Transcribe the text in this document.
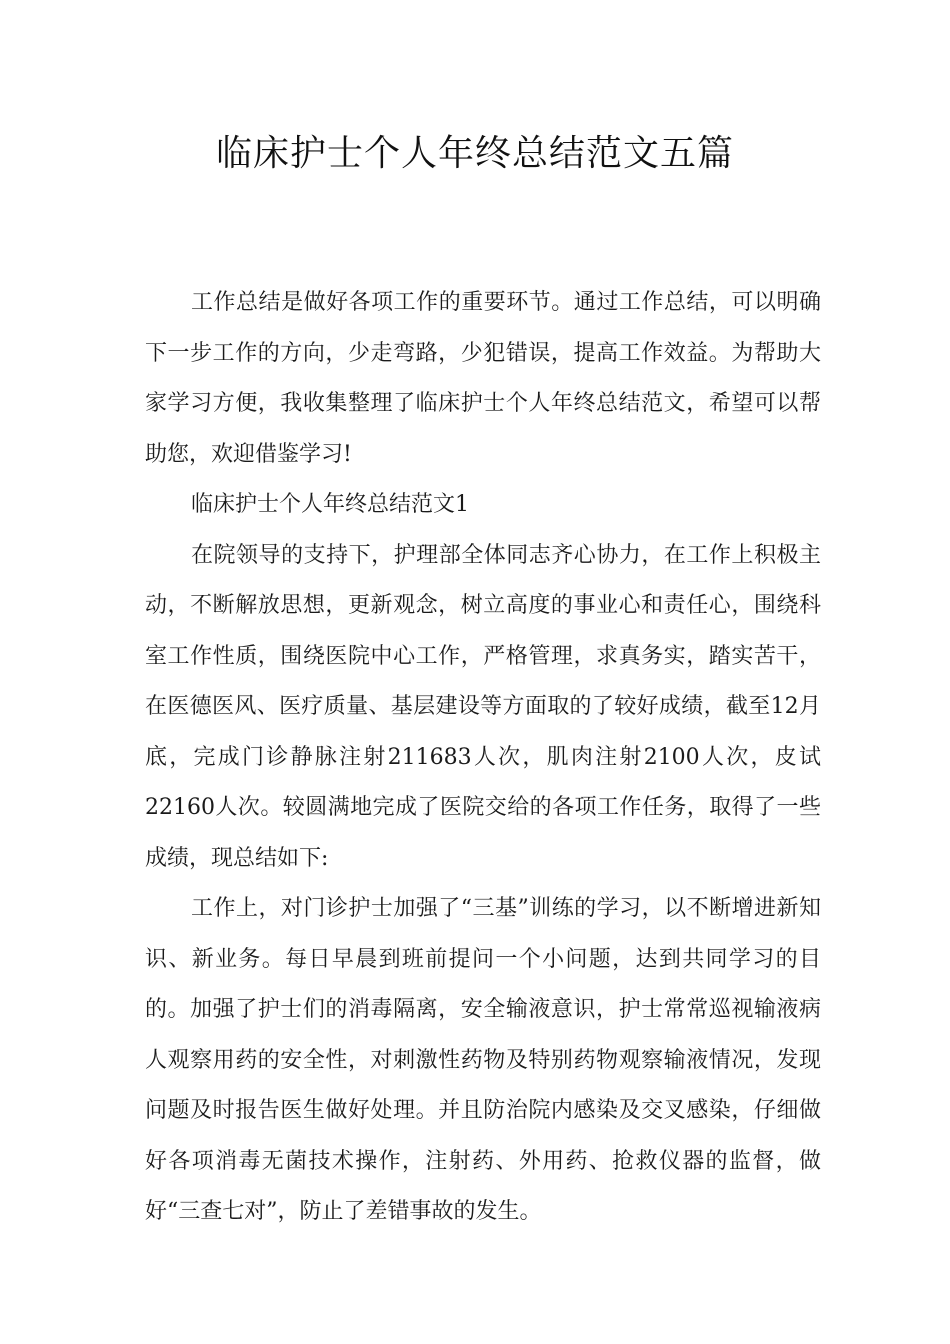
临床护士个人年终总结范文五篇

工作总结是做好各项工作的重要环节。通过工作总结，可以明确下一步工作的方向，少走弯路，少犯错误，提高工作效益。为帮助大家学习方便，我收集整理了临床护士个人年终总结范文，希望可以帮助您，欢迎借鉴学习!

临床护士个人年终总结范文1

在院领导的支持下，护理部全体同志齐心协力，在工作上积极主动，不断解放思想，更新观念，树立高度的事业心和责任心，围绕科室工作性质，围绕医院中心工作，严格管理，求真务实，踏实苦干，在医德医风、医疗质量、基层建设等方面取的了较好成绩，截至12月底，完成门诊静脉注射211683人次，肌肉注射2100人次，皮试22160人次。较圆满地完成了医院交给的各项工作任务，取得了一些成绩，现总结如下:

工作上，对门诊护士加强了“三基”训练的学习，以不断增进新知识、新业务。每日早晨到班前提问一个小问题，达到共同学习的目的。加强了护士们的消毒隔离，安全输液意识，护士常常巡视输液病人观察用药的安全性，对刺激性药物及特别药物观察输液情况，发现问题及时报告医生做好处理。并且防治院内感染及交叉感染，仔细做好各项消毒无菌技术操作，注射药、外用药、抢救仪器的监督，做好“三查七对”，防止了差错事故的发生。
